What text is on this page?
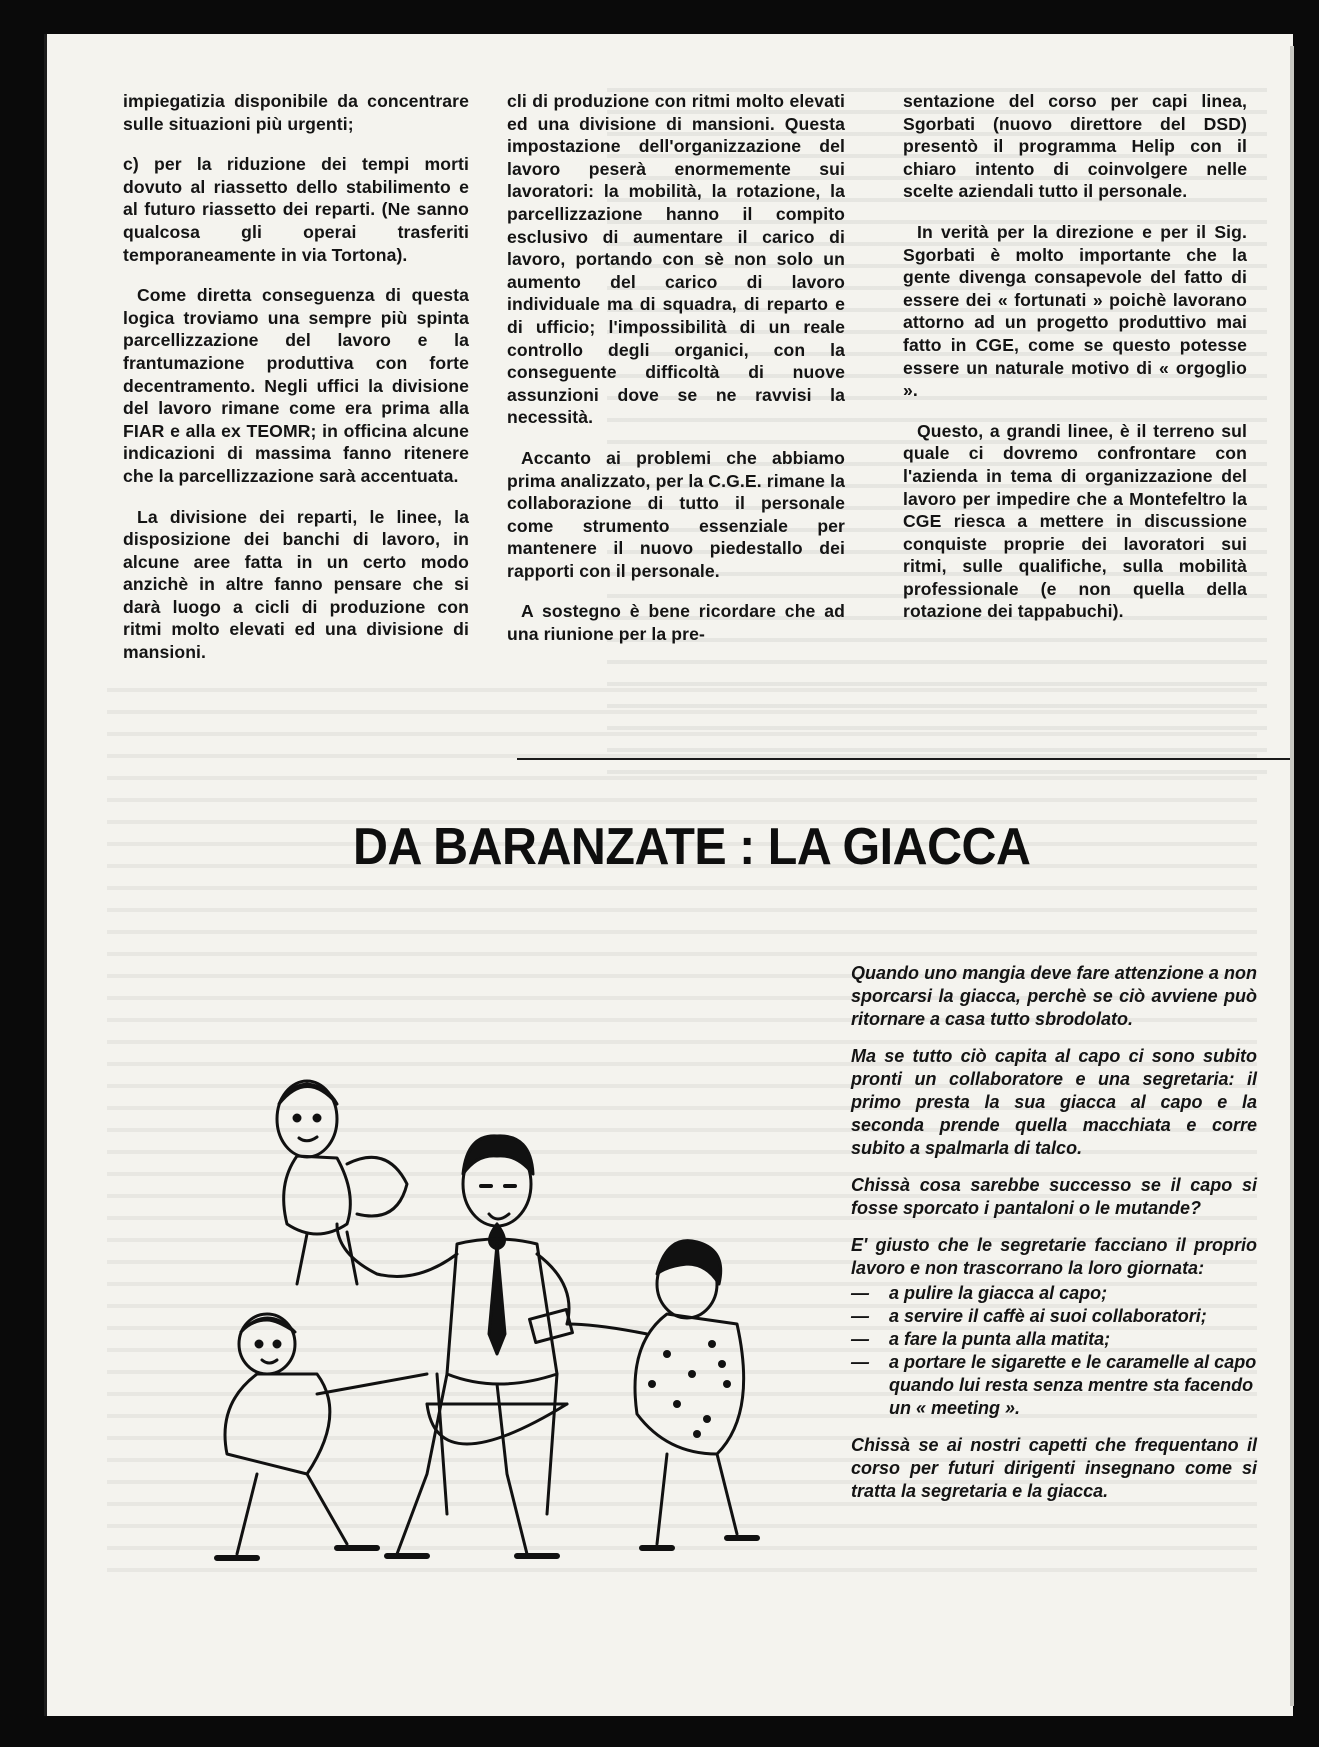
impiegatizia disponibile da concentrare sulle situazioni più urgenti;

c) per la riduzione dei tempi morti dovuto al riassetto dello stabilimento e al futuro riassetto dei reparti. (Ne sanno qualcosa gli operai trasferiti temporaneamente in via Tortona).

Come diretta conseguenza di questa logica troviamo una sempre più spinta parcellizzazione del lavoro e la frantumazione produttiva con forte decentramento. Negli uffici la divisione del lavoro rimane come era prima alla FIAR e alla ex TEOMR; in officina alcune indicazioni di massima fanno ritenere che la parcellizzazione sarà accentuata.

La divisione dei reparti, le linee, la disposizione dei banchi di lavoro, in alcune aree fatta in un certo modo anzichè in altre fanno pensare che si darà luogo a cicli di produzione con ritmi molto elevati ed una divisione di mansioni.

cli di produzione con ritmi molto elevati ed una divisione di mansioni. Questa impostazione dell'organizzazione del lavoro peserà enormemente sui lavoratori: la mobilità, la rotazione, la parcellizzazione hanno il compito esclusivo di aumentare il carico di lavoro, portando con sè non solo un aumento del carico di lavoro individuale ma di squadra, di reparto e di ufficio; l'impossibilità di un reale controllo degli organici, con la conseguente difficoltà di nuove assunzioni dove se ne ravvisi la necessità.

Accanto ai problemi che abbiamo prima analizzato, per la C.G.E. rimane la collaborazione di tutto il personale come strumento essenziale per mantenere il nuovo piedestallo dei rapporti con il personale.

A sostegno è bene ricordare che ad una riunione per la pre-

sentazione del corso per capi linea, Sgorbati (nuovo direttore del DSD) presentò il programma Helip con il chiaro intento di coinvolgere nelle scelte aziendali tutto il personale.

In verità per la direzione e per il Sig. Sgorbati è molto importante che la gente divenga consapevole del fatto di essere dei « fortunati » poichè lavorano attorno ad un progetto produttivo mai fatto in CGE, come se questo potesse essere un naturale motivo di « orgoglio ».

Questo, a grandi linee, è il terreno sul quale ci dovremo confrontare con l'azienda in tema di organizzazione del lavoro per impedire che a Montefeltro la CGE riesca a mettere in discussione conquiste proprie dei lavoratori sui ritmi, sulle qualifiche, sulla mobilità professionale (e non quella della rotazione dei tappabuchi).

DA BARANZATE : LA GIACCA

Quando uno mangia deve fare attenzione a non sporcarsi la giacca, perchè se ciò avviene può ritornare a casa tutto sbrodolato.

Ma se tutto ciò capita al capo ci sono subito pronti un collaboratore e una segretaria: il primo presta la sua giacca al capo e la seconda prende quella macchiata e corre subito a spalmarla di talco.

Chissà cosa sarebbe successo se il capo si fosse sporcato i pantaloni o le mutande?

E' giusto che le segretarie facciano il proprio lavoro e non trascorrano la loro giornata:

— a pulire la giacca al capo;
— a servire il caffè ai suoi collaboratori;
— a fare la punta alla matita;
— a portare le sigarette e le caramelle al capo quando lui resta senza mentre sta facendo un « meeting ».

Chissà se ai nostri capetti che frequentano il corso per futuri dirigenti insegnano come si tratta la segretaria e la giacca.
